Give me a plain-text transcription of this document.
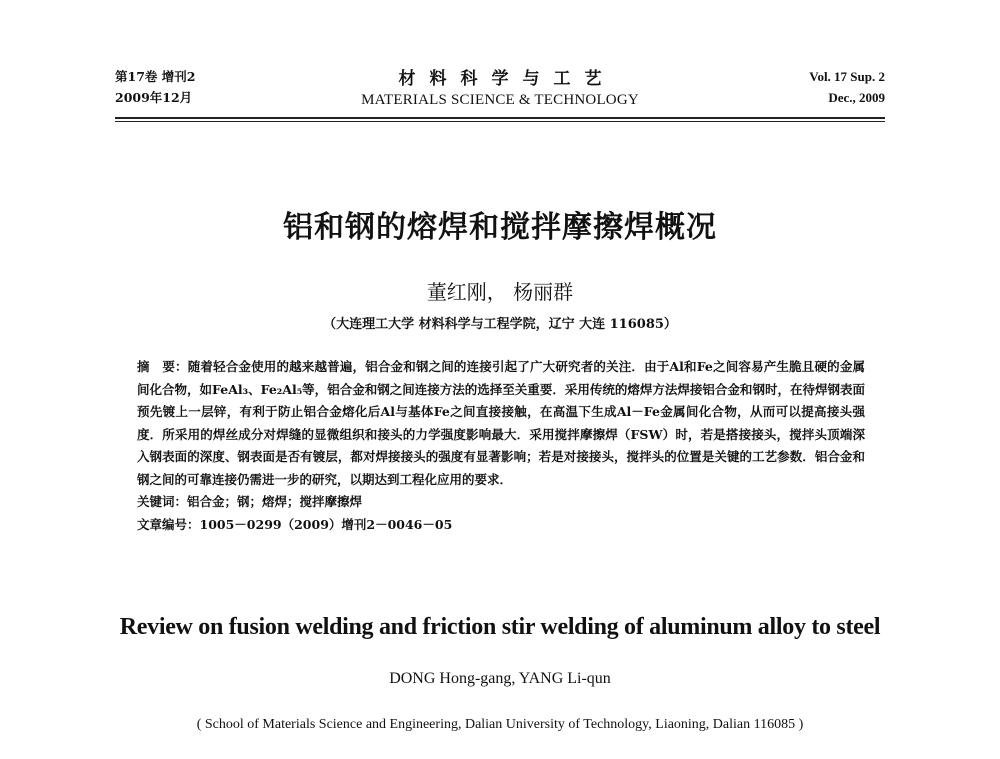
第17卷 增刊2
2009年12月
材料科学与工艺
MATERIALS SCIENCE & TECHNOLOGY
Vol. 17 Sup. 2
Dec., 2009
铝和钢的熔焊和搅拌摩擦焊概况
董红刚， 杨丽群
（大连理工大学 材料科学与工程学院，辽宁 大连 116085）

摘　要：随着轻合金使用的越来越普遍，铝合金和钢之间的连接引起了广大研究者的关注．由于Al和Fe之间容易产生脆且硬的金属间化合物，如FeAl₃、Fe₂Al₅等，铝合金和钢之间连接方法的选择至关重要．采用传统的熔焊方法焊接铝合金和钢时，在待焊钢表面预先镀上一层锌，有利于防止铝合金熔化后Al与基体Fe之间直接接触，在高温下生成Al－Fe金属间化合物，从而可以提高接头强度．所采用的焊丝成分对焊缝的显微组织和接头的力学强度影响最大．采用搅拌摩擦焊（FSW）时，若是搭接接头，搅拌头顶端深入钢表面的深度、钢表面是否有镀层，都对焊接接头的强度有显著影响；若是对接接头，搅拌头的位置是关键的工艺参数．铝合金和钢之间的可靠连接仍需进一步的研究，以期达到工程化应用的要求．

关键词：铝合金；钢；熔焊；搅拌摩擦焊

文章编号：1005－0299（2009）增刊2－0046－05

Review on fusion welding and friction stir welding of aluminum alloy to steel
DONG Hong-gang, YANG Li-qun
( School of Materials Science and Engineering, Dalian University of Technology, Liaoning, Dalian 116085 )
